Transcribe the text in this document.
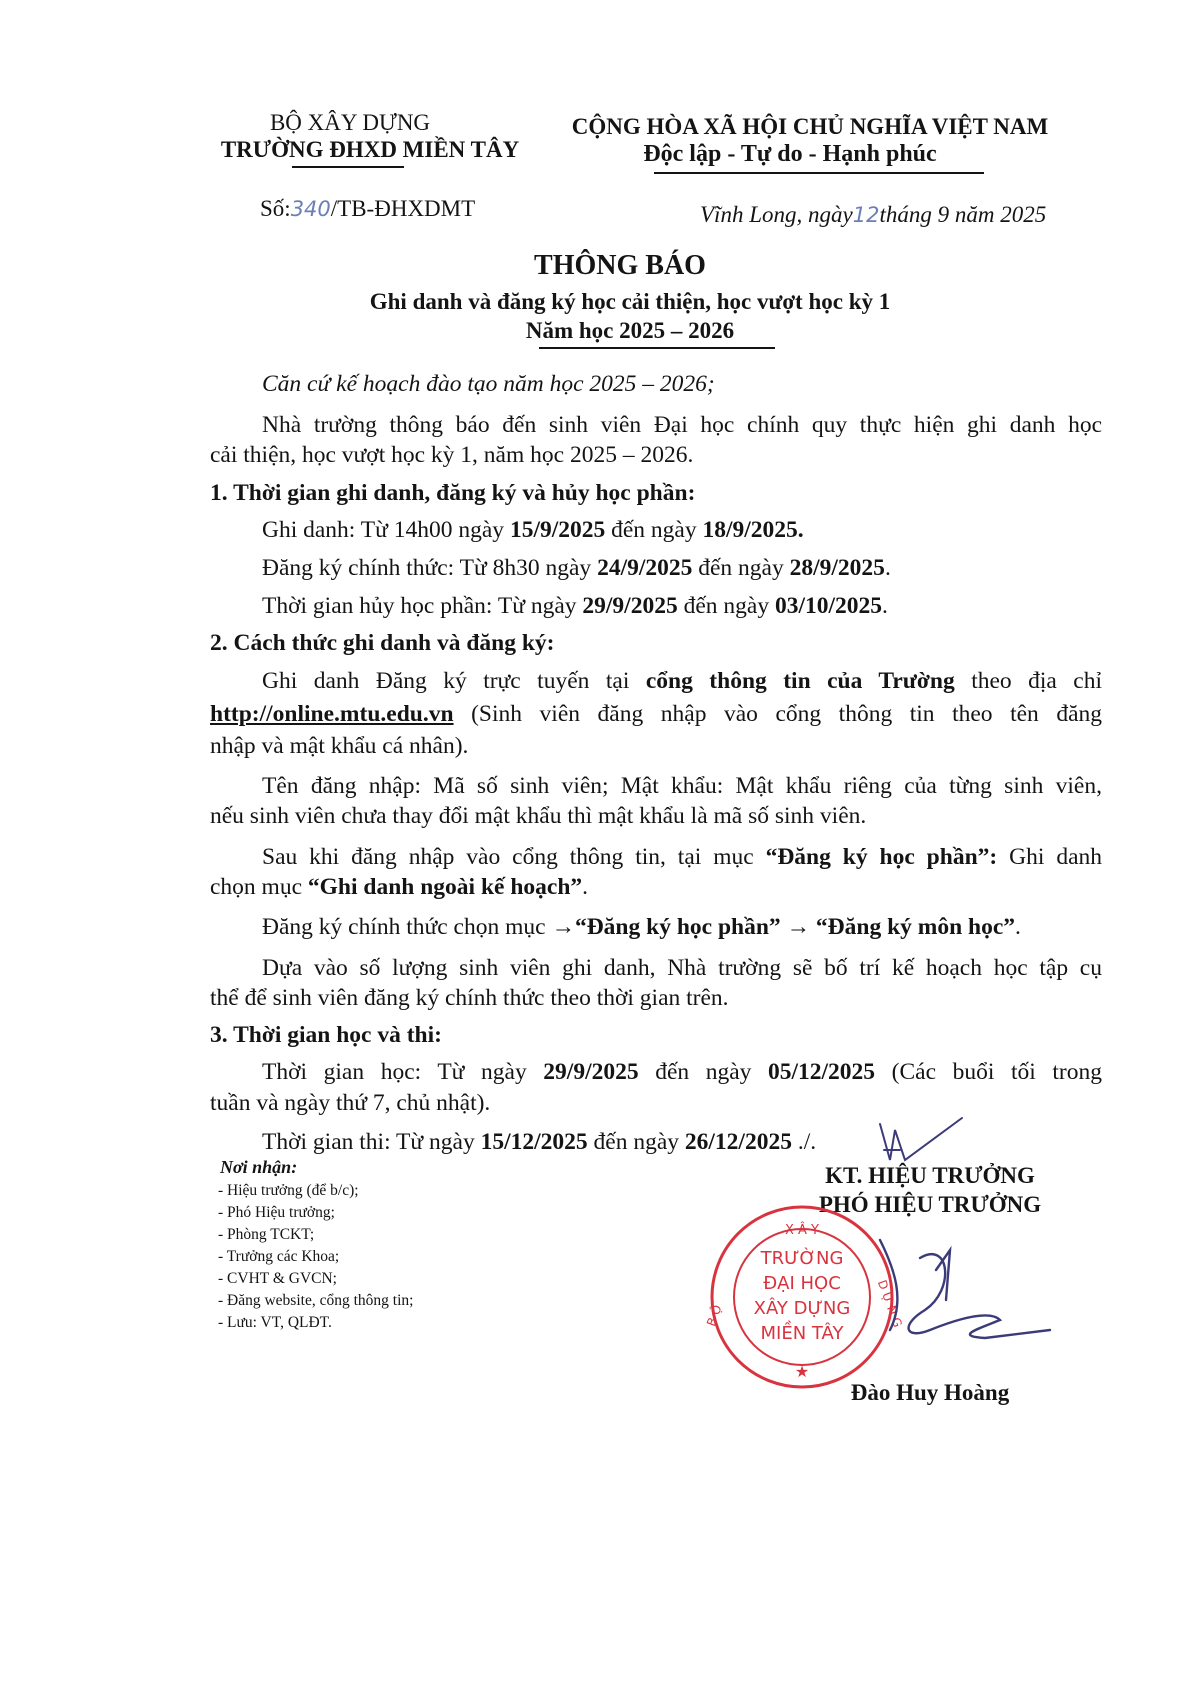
BỘ XÂY DỰNG
TRƯỜNG ĐHXD MIỀN TÂY
CỘNG HÒA XÃ HỘI CHỦ NGHĨA VIỆT NAM
Độc lập - Tự do - Hạnh phúc
Số:340/TB-ĐHXDMT	Vĩnh Long, ngày12tháng 9 năm 2025
THÔNG BÁO
Ghi danh và đăng ký học cải thiện, học vượt học kỳ 1
Năm học 2025 – 2026
Căn cứ kế hoạch đào tạo năm học 2025 – 2026;
Nhà trường thông báo đến sinh viên Đại học chính quy thực hiện ghi danh học
cải thiện, học vượt học kỳ 1, năm học 2025 – 2026.
1. Thời gian ghi danh, đăng ký và hủy học phần:
Ghi danh: Từ 14h00 ngày 15/9/2025 đến ngày 18/9/2025.
Đăng ký chính thức: Từ 8h30 ngày 24/9/2025 đến ngày 28/9/2025.
Thời gian hủy học phần: Từ ngày 29/9/2025 đến ngày 03/10/2025.
2. Cách thức ghi danh và đăng ký:
Ghi danh Đăng ký trực tuyến tại cổng thông tin của Trường theo địa chỉ
http://online.mtu.edu.vn (Sinh viên đăng nhập vào cổng thông tin theo tên đăng
nhập và mật khẩu cá nhân).
Tên đăng nhập: Mã số sinh viên; Mật khẩu: Mật khẩu riêng của từng sinh viên,
nếu sinh viên chưa thay đổi mật khẩu thì mật khẩu là mã số sinh viên.
Sau khi đăng nhập vào cổng thông tin, tại mục “Đăng ký học phần”: Ghi danh
chọn mục “Ghi danh ngoài kế hoạch”.
Đăng ký chính thức chọn mục →“Đăng ký học phần” → “Đăng ký môn học”.
Dựa vào số lượng sinh viên ghi danh, Nhà trường sẽ bố trí kế hoạch học tập cụ
thể để sinh viên đăng ký chính thức theo thời gian trên.
3. Thời gian học và thi:
Thời gian học: Từ ngày 29/9/2025 đến ngày 05/12/2025 (Các buổi tối trong
tuần và ngày thứ 7, chủ nhật).
Thời gian thi: Từ ngày 15/12/2025 đến ngày 26/12/2025 ./.
Nơi nhận:
- Hiệu trưởng (để b/c);
- Phó Hiệu trưởng;
- Phòng TCKT;
- Trưởng các Khoa;
- CVHT & GVCN;
- Đăng website, cổng thông tin;
- Lưu: VT, QLĐT.
KT. HIỆU TRƯỞNG
PHÓ HIỆU TRƯỞNG
X Â Y
B Ộ	D Ự N G
★
TRƯỜNG
ĐẠI HỌC
XÂY DỰNG
MIỀN TÂY
Đào Huy Hoàng
